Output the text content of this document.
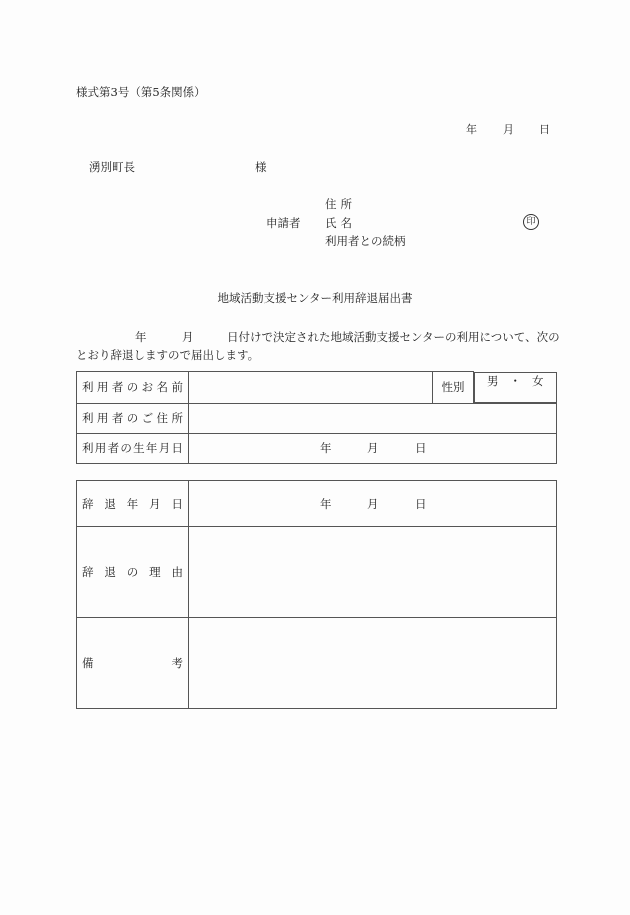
様式第3号（第5条関係）
年 月 日
湧別町長	様
申請者
住所
氏名
利用者との続柄
印
地域活動支援センター利用辞退届出書
年	月	日付けで決定された地域活動支援センターの利用について、次の
とおり辞退しますので届出します。
利 用 者 の お 名 前		性別	男 ・ 女

利 用 者 の ご 住 所

利 用 者 の 生 年 月 日	年	月	日
辞 退 年 月 日	年 月 日

辞 退 の 理 由	

備 考	
